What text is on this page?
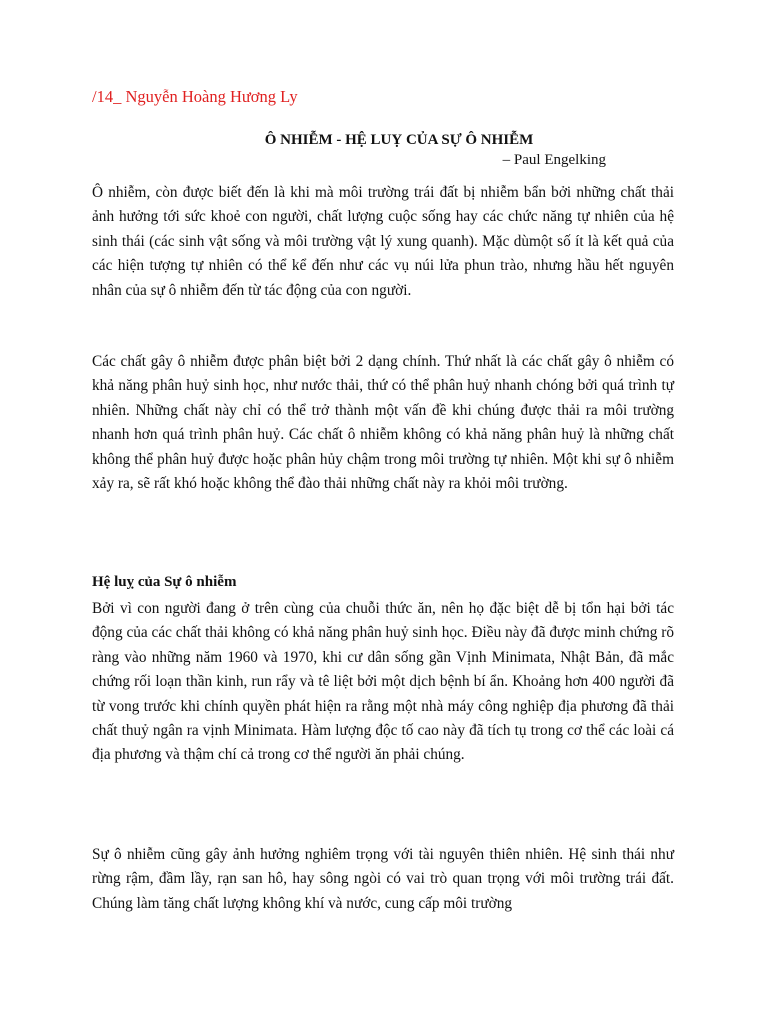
/14_ Nguyễn Hoàng Hương Ly
Ô NHIỄM - HỆ LUỴ CỦA SỰ Ô NHIỄM
– Paul Engelking

Ô nhiễm, còn được biết đến là khi mà môi trường trái đất bị nhiễm bẩn bởi những chất thải ảnh hưởng tới sức khoẻ con người, chất lượng cuộc sống hay các chức năng tự nhiên của hệ sinh thái (các sinh vật sống và môi trường vật lý xung quanh). Mặc dùmột số ít là kết quả của các hiện tượng tự nhiên có thể kể đến như các vụ núi lửa phun trào, nhưng hầu hết nguyên nhân của sự ô nhiễm đến từ tác động của con người.

Các chất gây ô nhiễm được phân biệt bởi 2 dạng chính. Thứ nhất là các chất gây ô nhiễm có khả năng phân huỷ sinh học, như nước thải, thứ có thể phân huỷ nhanh chóng bởi quá trình tự nhiên. Những chất này chỉ có thể trở thành một vấn đề khi chúng được thải ra môi trường nhanh hơn quá trình phân huỷ. Các chất ô nhiễm không có khả năng phân huỷ là những chất không thể phân huỷ được hoặc phân hủy chậm trong môi trường tự nhiên. Một khi sự ô nhiễm xảy ra, sẽ rất khó hoặc không thể đào thải những chất này ra khỏi môi trường.

Hệ luỵ của Sự ô nhiễm

Bởi vì con người đang ở trên cùng của chuỗi thức ăn, nên họ đặc biệt dễ bị tổn hại bởi tác động của các chất thải không có khả năng phân huỷ sinh học. Điều này đã được minh chứng rõ ràng vào những năm 1960 và 1970, khi cư dân sống gần Vịnh Minimata, Nhật Bản, đã mắc chứng rối loạn thần kinh, run rẩy và tê liệt bởi một dịch bệnh bí ẩn. Khoảng hơn 400 người đã từ vong trước khi chính quyền phát hiện ra rằng một nhà máy công nghiệp địa phương đã thải chất thuỷ ngân ra vịnh Minimata. Hàm lượng độc tố cao này đã tích tụ trong cơ thể các loài cá địa phương và thậm chí cả trong cơ thể người ăn phải chúng.

Sự ô nhiễm cũng gây ảnh hưởng nghiêm trọng với tài nguyên thiên nhiên. Hệ sinh thái như rừng rậm, đầm lầy, rạn san hô, hay sông ngòi có vai trò quan trọng với môi trường trái đất. Chúng làm tăng chất lượng không khí và nước, cung cấp môi trường
